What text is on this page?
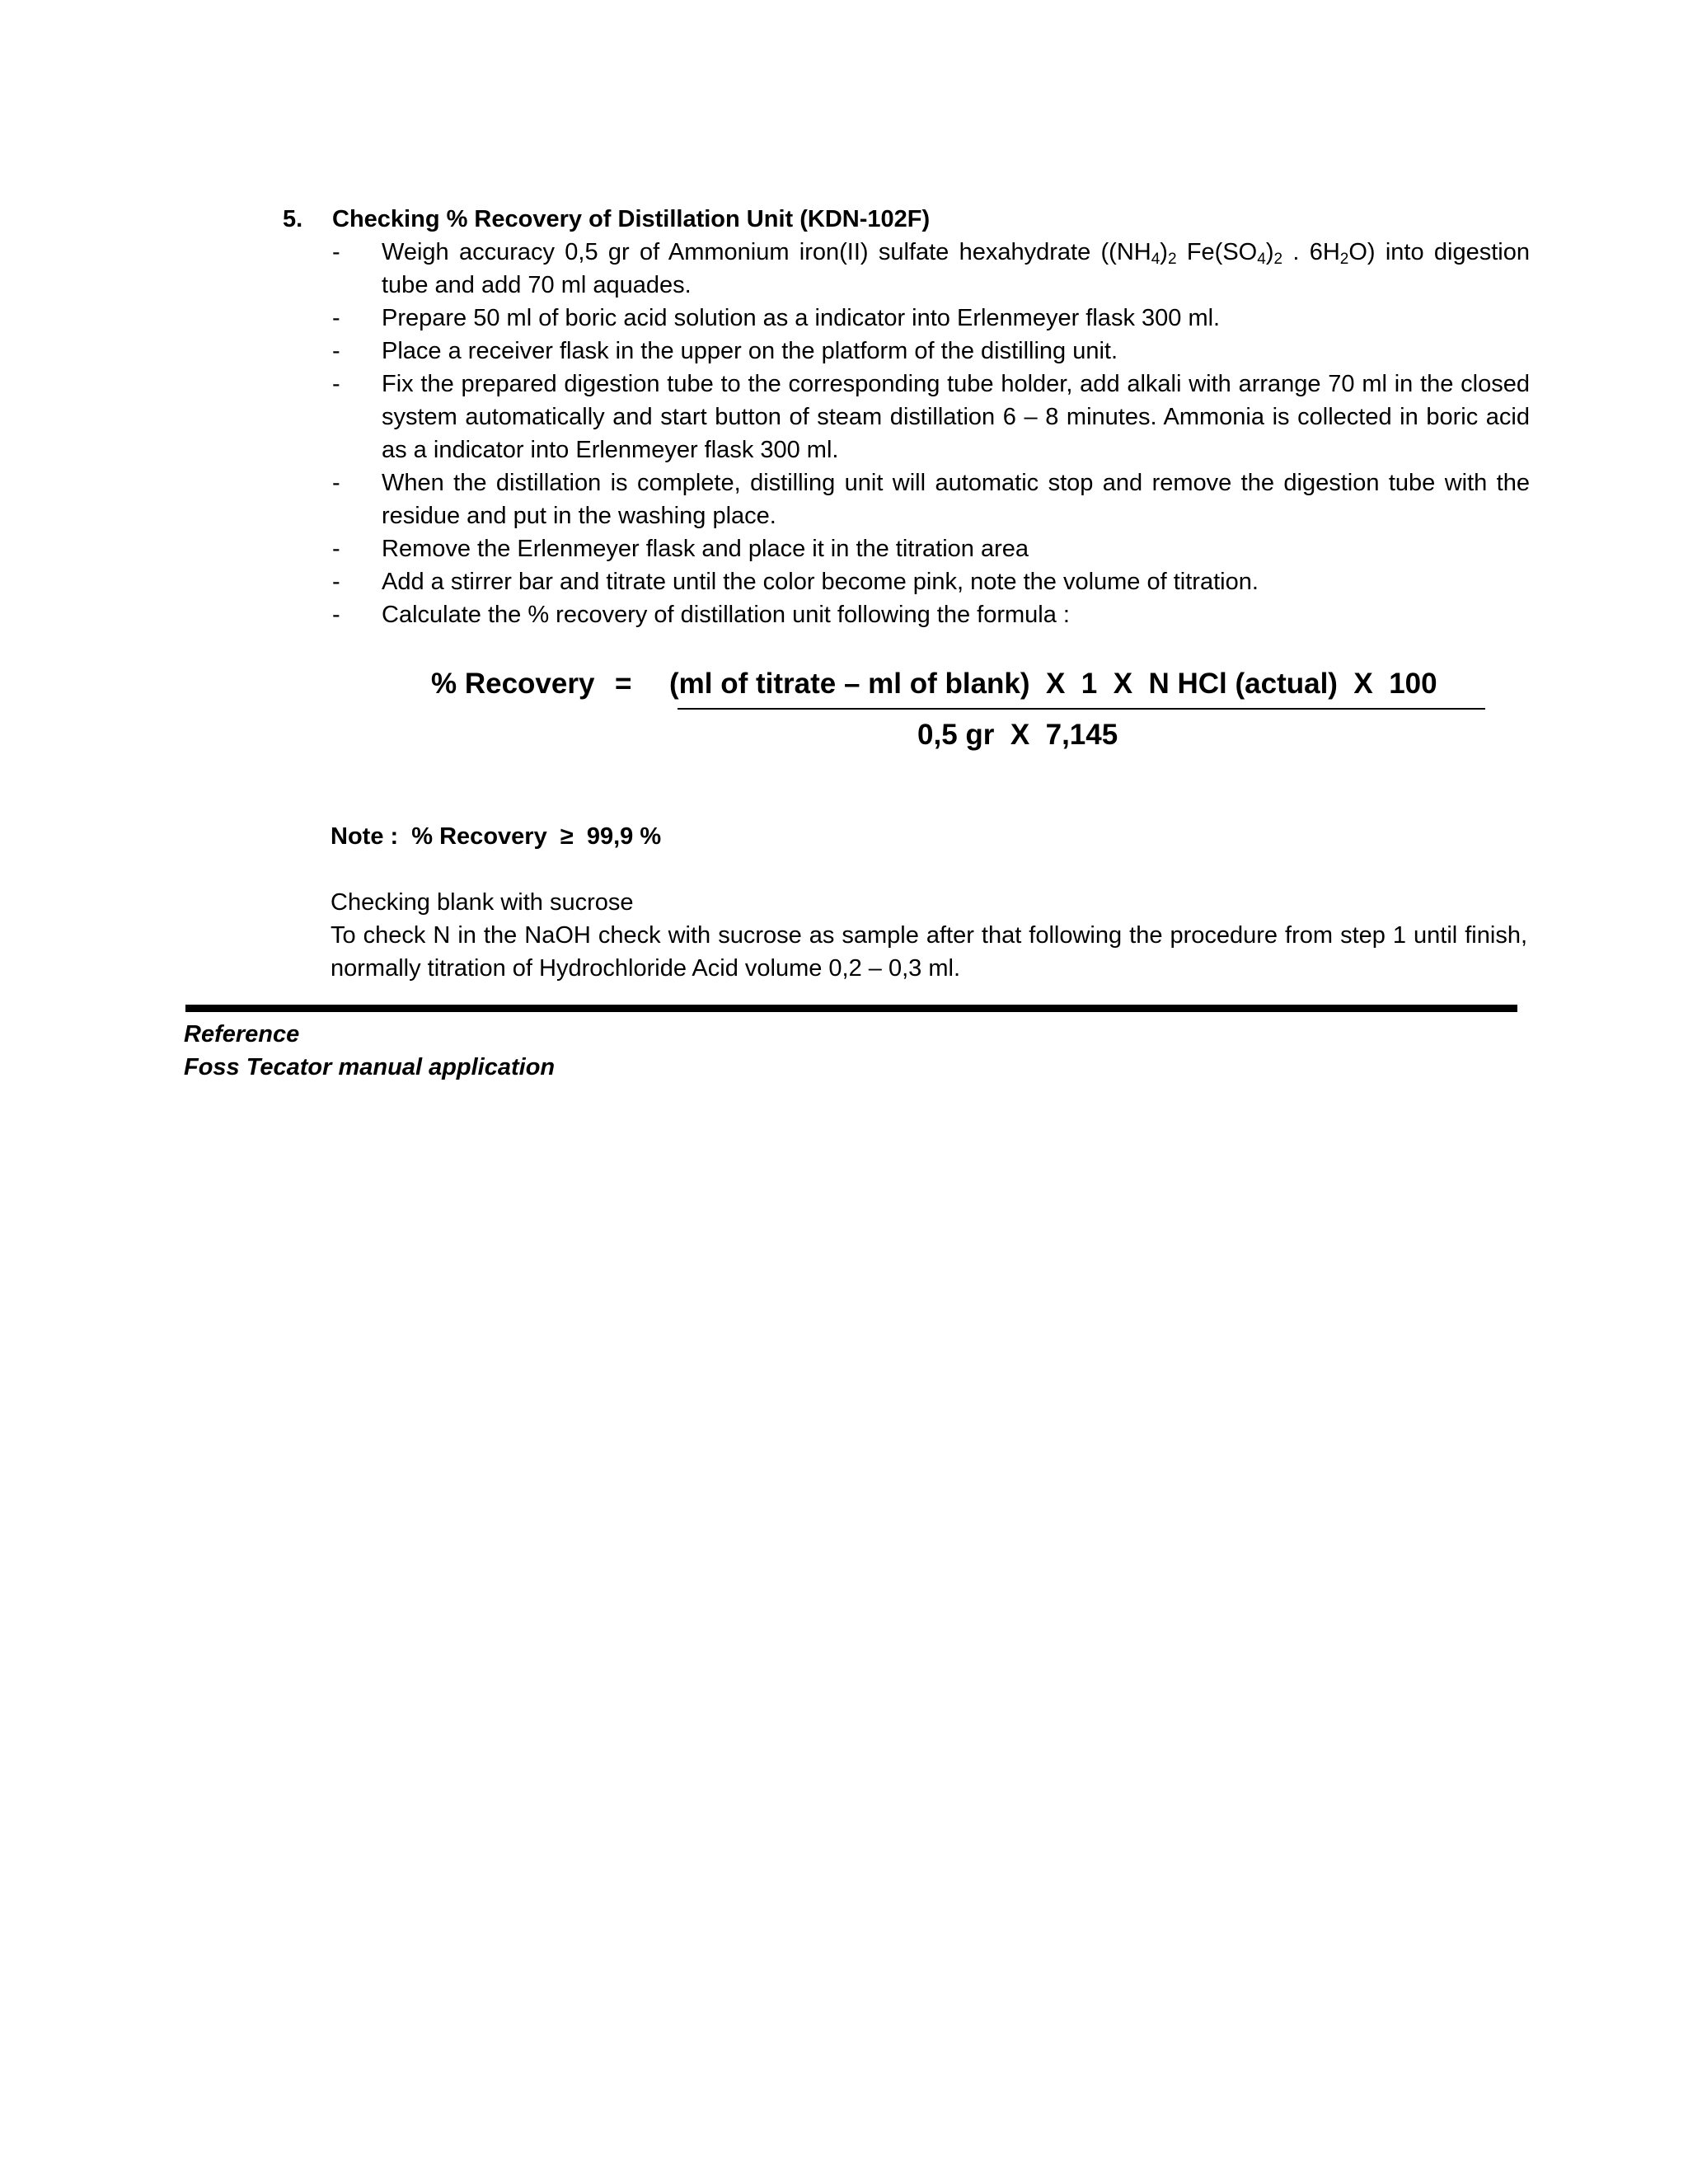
5.	Checking % Recovery of Distillation Unit (KDN-102F)
-	Weigh accuracy 0,5 gr of Ammonium iron(II) sulfate hexahydrate ($(NH_4)_2$ $Fe(SO_4)_2$ . $6H_2O$) into digestion tube and add 70 ml aquades.
-	Prepare 50 ml of boric acid solution as a indicator into Erlenmeyer flask 300 ml.
-	Place a receiver flask in the upper on the platform of the distilling unit.
-	Fix the prepared digestion tube to the corresponding tube holder, add alkali with arrange 70 ml in the closed system automatically and start button of steam distillation 6 – 8 minutes. Ammonia is collected in boric acid as a indicator into Erlenmeyer flask 300 ml.
-	When the distillation is complete, distilling unit will automatic stop and remove the digestion tube with the residue and put in the washing place.
-	Remove the Erlenmeyer flask and place it in the titration area
-	Add a stirrer bar and titrate until the color become pink, note the volume of titration.
-	Calculate the % recovery of distillation unit following the formula :
% Recovery = (ml of titrate – ml of blank)  X  1  X  N HCl (actual)  X  100
0,5 gr  X  7,145
Note :  % Recovery  ≥  99,9 %
Checking blank with sucrose
To check N in the NaOH check with sucrose as sample after that following the procedure from step 1 until finish, normally titration of Hydrochloride Acid volume 0,2 – 0,3 ml.
Reference
Foss Tecator manual application
